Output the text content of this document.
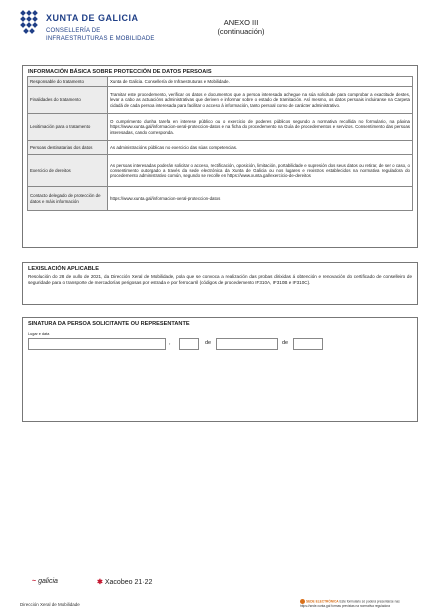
XUNTA DE GALICIA
CONSELLERÍA DE
INFRAESTRUTURAS E MOBILIDADE
ANEXO III
(continuación)
INFORMACIÓN BÁSICA SOBRE PROTECCIÓN DE DATOS PERSOAIS
Responsable do tratamento	Xunta de Galicia. Consellería de Infraestruturas e Mobilidade.
Finalidades do tratamento	Tramitar este procedemento, verificar os datos e documentos que a persoa interesada achegue na súa solicitude para comprobar a exactitude destes, levar a cabo as actuacións administrativas que deriven e informar sobre o estado de tramitación. Así mesmo, os datos persoais incluiranse na Carpeta cidadá de cada persoa interesada para facilitar o acceso á información, tanto persoal como de carácter administrativo.
Lexitimación para o tratamento	O cumprimento dunha tarefa en interese público ou o exercicio de poderes públicos segundo a normativa recollida no formulario, na páxina https://www.xunta.gal/informacion-xeral-proteccion-datos e na ficha do procedemento na Guía de procedementos e servizos. Consentimento das persoas interesadas, cando corresponda.
Persoas destinatarias dos datos	As administracións públicas no exercicio das súas competencias.
Exercicio de dereitos	As persoas interesadas poderán solicitar o acceso, rectificación, oposición, limitación, portabilidade e supresión dos seus datos ou retirar, de ser o caso, o consentimento outorgado a través da sede electrónica da Xunta de Galicia ou nos lugares e rexistros establecidos na normativa reguladora do procedemento administrativo común, segundo se recolle en https://www.xunta.gal/exercicio-de-dereitos
Contacto delegado de protección de datos e máis información	https://www.xunta.gal/informacion-xeral-proteccion-datos
LEXISLACIÓN APLICABLE
Resolución do 28 de xullo de 2021, da Dirección Xeral de Mobilidade, pola que se convoca a realización das probas dirixidas á obtención e renovación do certificado de conselleiro de seguridade para o transporte de mercadorías perigosas por estrada e por ferrocarril (códigos de procedemento IF310A, IF310B e IF310C).
SINATURA DA PERSOA SOLICITANTE OU REPRESENTANTE
Lugar e data
,	de	de
~ galicia	✱ Xacobeo 21·22
Dirección Xeral de Mobilidade
SEDE ELECTRÓNICA Este formulario só poderá presentarse nas
https://sede.xunta.gal formas previstas na normativa reguladora
